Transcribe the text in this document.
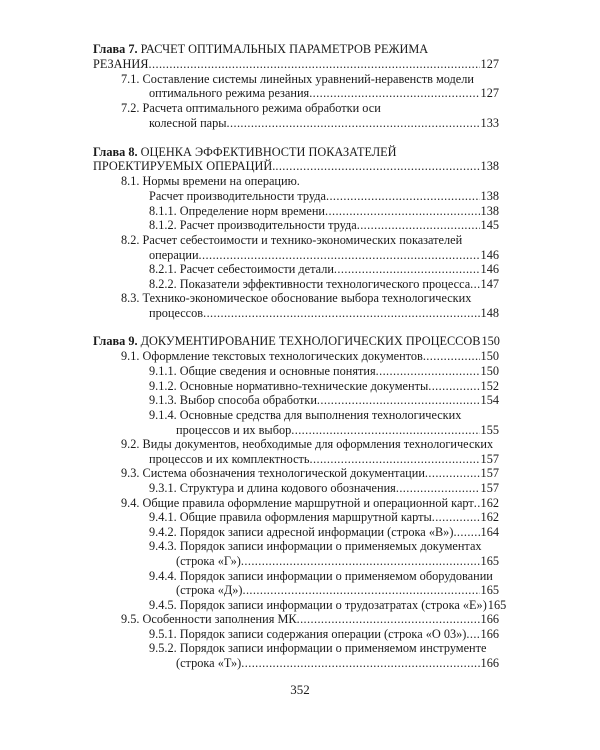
Глава 7. РАСЧЕТ ОПТИМАЛЬНЫХ ПАРАМЕТРОВ РЕЖИМА
РЕЗАНИЯ .....	127
7.1. Составление системы линейных уравнений-неравенств модели
оптимального режима резания .....	127
7.2. Расчета оптимального режима обработки оси
колесной пары .....	133
Глава 8. ОЦЕНКА ЭФФЕКТИВНОСТИ ПОКАЗАТЕЛЕЙ
ПРОЕКТИРУЕМЫХ ОПЕРАЦИЙ. .....	138
8.1. Нормы времени на операцию.
Расчет производительности труда .....	138
8.1.1. Определение норм времени .....	138
8.1.2. Расчет производительности труда .....	145
8.2. Расчет себестоимости и технико-экономических показателей
операции .....	146
8.2.1. Расчет себестоимости детали .....	146
8.2.2. Показатели эффективности технологического процесса ..... 147
8.3. Технико-экономическое обоснование выбора технологических
процессов .....	148
Глава 9. ДОКУМЕНТИРОВАНИЕ ТЕХНОЛОГИЧЕСКИХ ПРОЦЕССОВ 150
9.1. Оформление текстовых технологических документов .....	150
9.1.1. Общие сведения и основные понятия .....	150
9.1.2. Основные нормативно-технические документы .....	152
9.1.3. Выбор способа обработки .....	154
9.1.4. Основные средства для выполнения технологических
процессов и их выбор .....	155
9.2. Виды документов, необходимые для оформления технологических
процессов и их комплектность .....	157
9.3. Система обозначения технологической документации .....	157
9.3.1. Структура и длина кодового обозначения .....	157
9.4. Общие правила оформление маршрутной и операционной карт ..... 162
9.4.1. Общие правила оформления маршрутной карты .....	162
9.4.2. Порядок записи адресной информации (строка «В») ..... 164
9.4.3. Порядок записи информации о применяемых документах
(строка «Г») .....	165
9.4.4. Порядок записи информации о применяемом оборудовании
(строка «Д») .....	165
9.4.5. Порядок записи информации о трудозатратах (строка «Е») 165
9.5. Особенности заполнения МК .....	166
9.5.1. Порядок записи содержания операции (строка «О 03») ..... 166
9.5.2. Порядок записи информации о применяемом инструменте
(строка «Т») .....	166
352
